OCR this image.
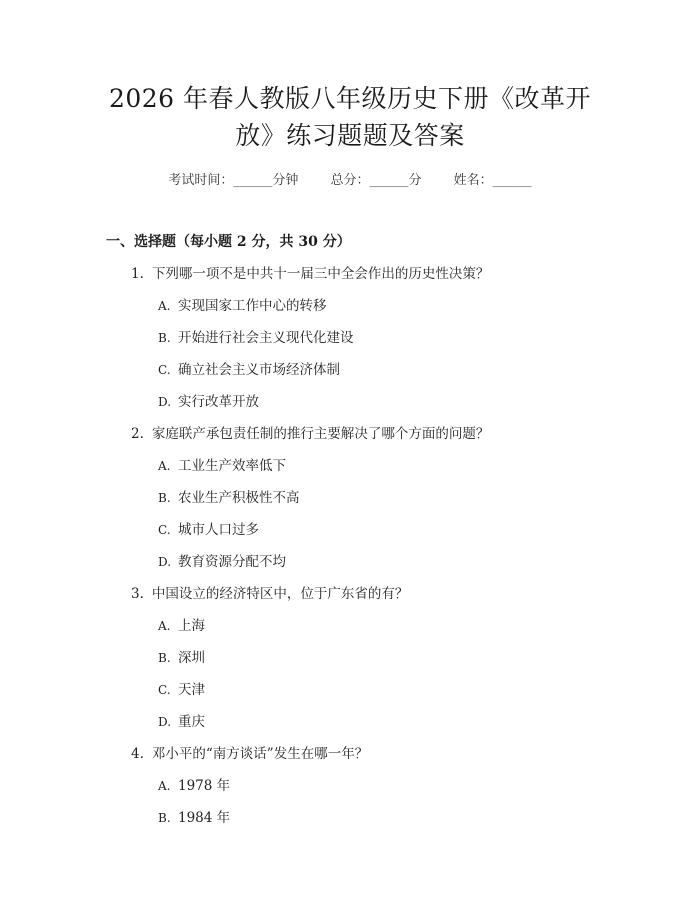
2026 年春人教版八年级历史下册《改革开
放》练习题题及答案
考试时间：______分钟 总分：______分 姓名：______
一、选择题（每小题 2 分，共 30 分）
1. 下列哪一项不是中共十一届三中全会作出的历史性决策？
A. 实现国家工作中心的转移
B. 开始进行社会主义现代化建设
C. 确立社会主义市场经济体制
D. 实行改革开放
2. 家庭联产承包责任制的推行主要解决了哪个方面的问题？
A. 工业生产效率低下
B. 农业生产积极性不高
C. 城市人口过多
D. 教育资源分配不均
3. 中国设立的经济特区中，位于广东省的有？
A. 上海
B. 深圳
C. 天津
D. 重庆
4. 邓小平的“南方谈话”发生在哪一年？
A. 1978 年
B. 1984 年
